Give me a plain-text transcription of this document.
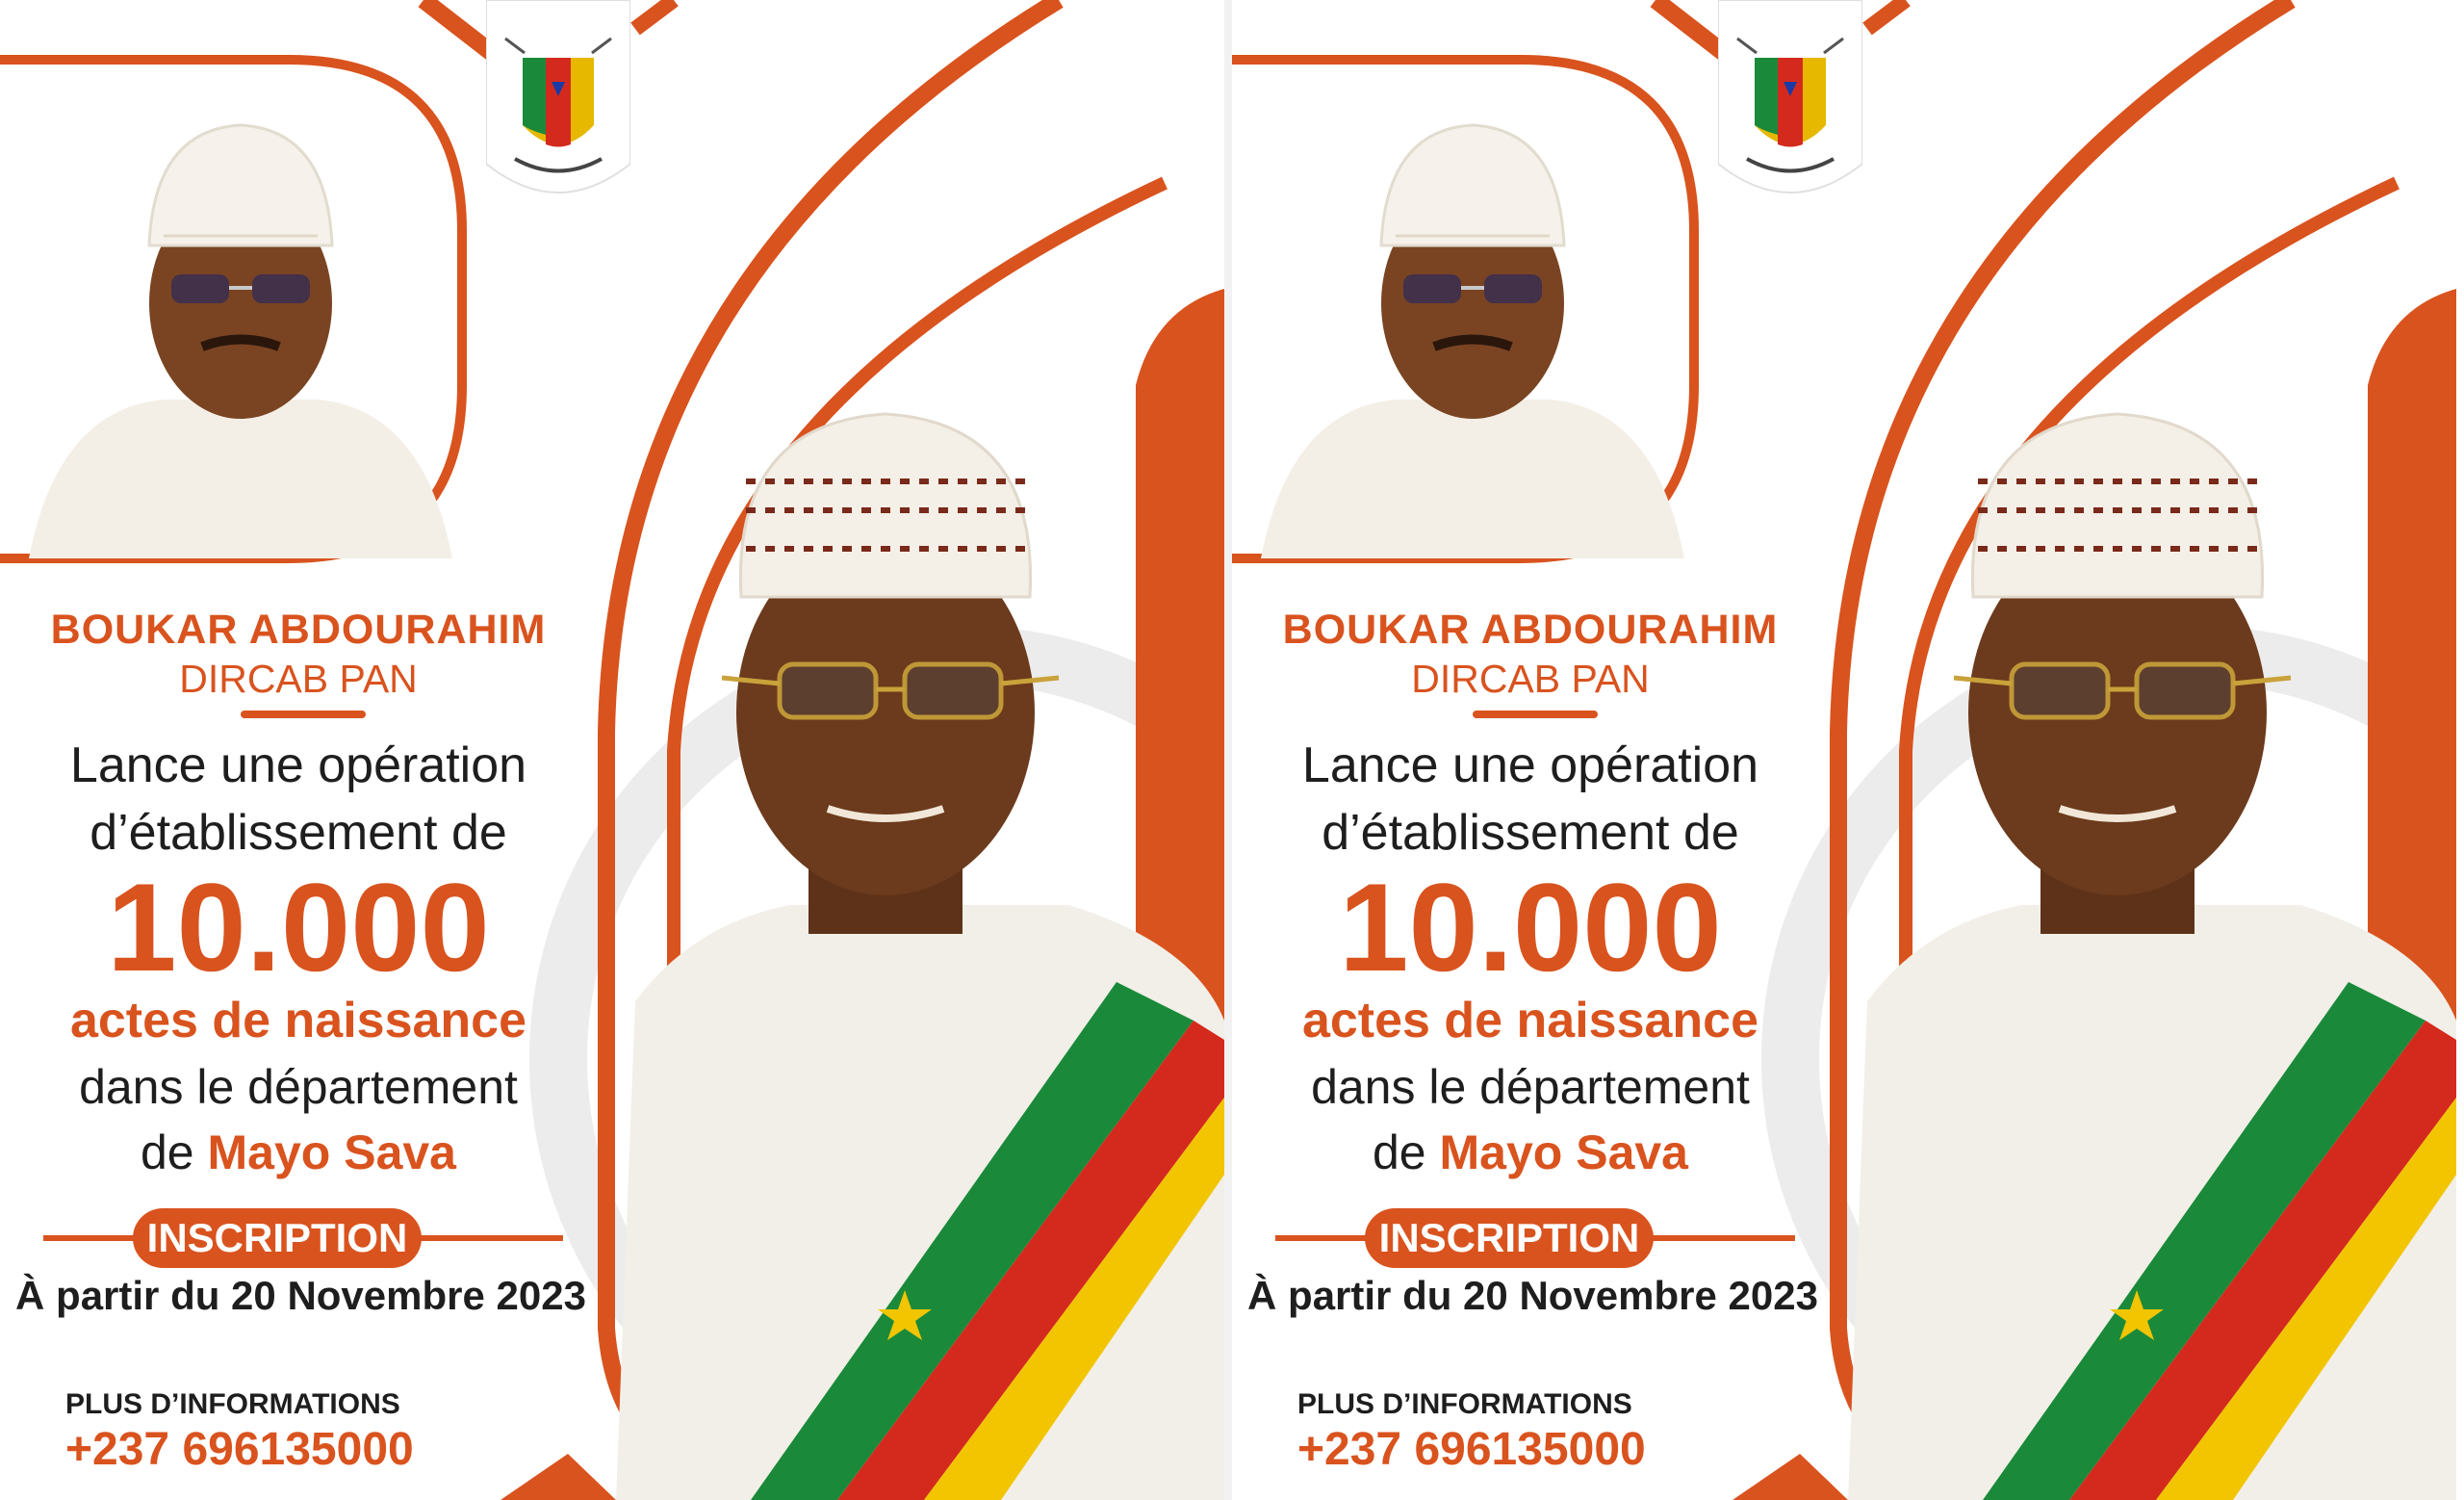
BOUKAR ABDOURAHIM

DIRCAB PAN

Lance une opération

d’établissement de

10.000

actes de naissance

dans le département

de Mayo Sava

INSCRIPTION
À partir du 20 Novembre 2023
PLUS D’INFORMATIONS
+237 696135000

BOUKAR ABDOURAHIM

DIRCAB PAN

Lance une opération

d’établissement de

10.000

actes de naissance

dans le département

de Mayo Sava

INSCRIPTION
À partir du 20 Novembre 2023
PLUS D’INFORMATIONS
+237 696135000
